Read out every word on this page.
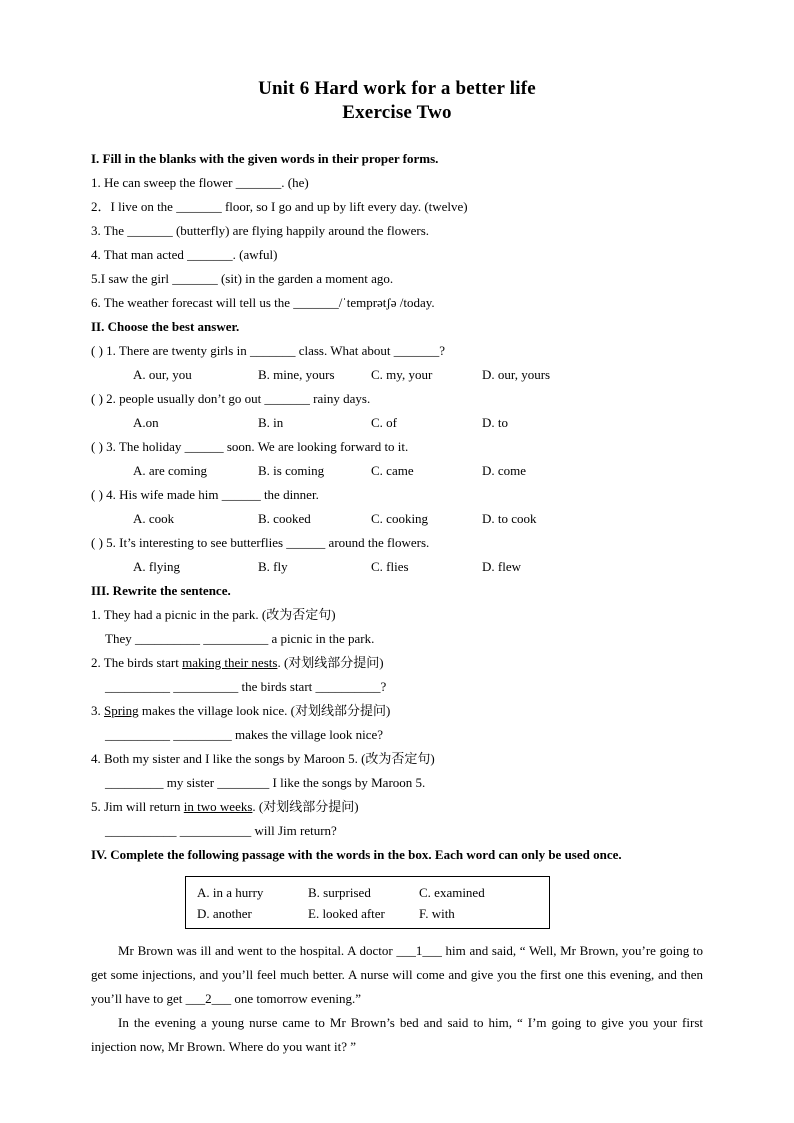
Unit 6 Hard work for a better life
Exercise Two
I. Fill in the blanks with the given words in their proper forms.
1. He can sweep the flower _______. (he)
2．I live on the _______ floor, so I go and up by lift every day. (twelve)
3. The _______ (butterfly) are flying happily around the flowers.
4. That man acted _______. (awful)
5.I saw the girl _______ (sit) in the garden a moment ago.
6. The weather forecast will tell us the _______/ˈtemprətʃə /today.
II. Choose the best answer.
( ) 1. There are twenty girls in _______ class. What about _______?
A. our, you	B. mine, yours	C. my, your	D. our, yours
( ) 2. people usually don’t go out _______ rainy days.
A.on	B. in	C. of	D. to
( ) 3. The holiday ______ soon. We are looking forward to it.
A. are coming	B. is coming	C. came	D. come
( ) 4. His wife made him ______ the dinner.
A. cook	B. cooked	C. cooking	D. to cook
( ) 5. It’s interesting to see butterflies ______ around the flowers.
A. flying	B. fly	C. flies	D. flew
III. Rewrite the sentence.
1. They had a picnic in the park. (改为否定句)
They __________ __________ a picnic in the park.
2. The birds start making their nests. (对划线部分提问)
__________ __________ the birds start __________?
3. Spring makes the village look nice. (对划线部分提问)
__________ _________ makes the village look nice?
4. Both my sister and I like the songs by Maroon 5. (改为否定句)
_________ my sister ________ I like the songs by Maroon 5.
5. Jim will return in two weeks. (对划线部分提问)
___________ ___________ will Jim return?
IV. Complete the following passage with the words in the box. Each word can only be used once.
A. in a hurry	B. surprised	C. examined
D. another	E. looked after	F. with
Mr Brown was ill and went to the hospital. A doctor ___1___ him and said, “ Well, Mr Brown, you’re going to get some injections, and you’ll feel much better. A nurse will come and give you the first one this evening, and then you’ll have to get ___2___ one tomorrow evening.”
In the evening a young nurse came to Mr Brown’s bed and said to him, “ I’m going to give you your first injection now, Mr Brown. Where do you want it? ”
